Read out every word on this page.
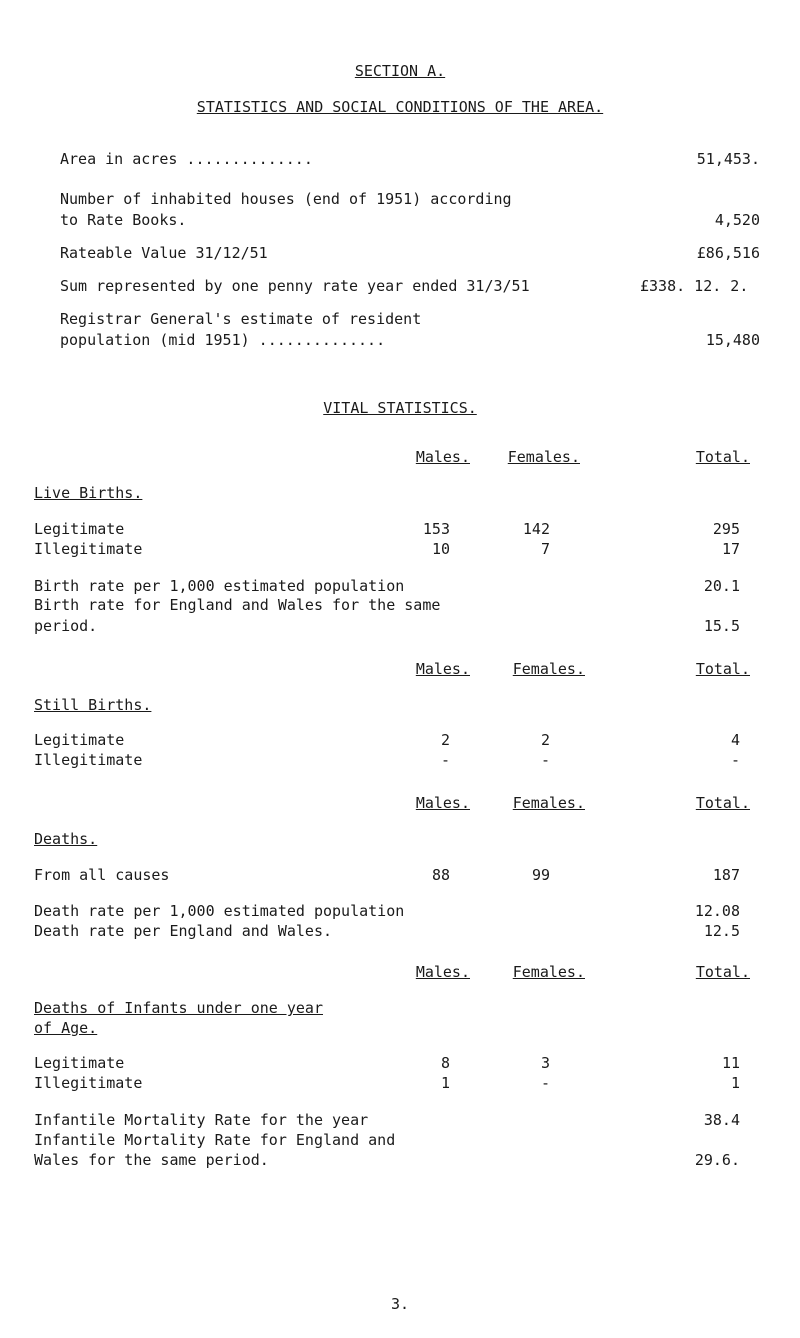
SECTION A.
STATISTICS AND SOCIAL CONDITIONS OF THE AREA.
Area in acres ..............	51,453.
Number of inhabited houses (end of 1951) according
to Rate Books.	4,520
Rateable Value 31/12/51	£86,516
Sum represented by one penny rate year ended 31/3/51	£338. 12. 2.
Registrar General's estimate of resident
population (mid 1951) ..............	15,480
VITAL STATISTICS.
Males.	Females.	Total.
Live Births.
Legitimate	153	142	295
Illegitimate	10	7	17
Birth rate per 1,000 estimated population	20.1
Birth rate for England and Wales for the same
period.	15.5
Males.	Females.	Total.
Still Births.
Legitimate	2	2	4
Illegitimate	-	-	-
Males.	Females.	Total.
Deaths.
From all causes	88	99	187
Death rate per 1,000 estimated population	12.08
Death rate per England and Wales.	12.5
Males.	Females.	Total.
Deaths of Infants under one year
of Age.
Legitimate	8	3	11
Illegitimate	1	-	1
Infantile Mortality Rate for the year	38.4
Infantile Mortality Rate for England and
Wales for the same period.	29.6.
3.
